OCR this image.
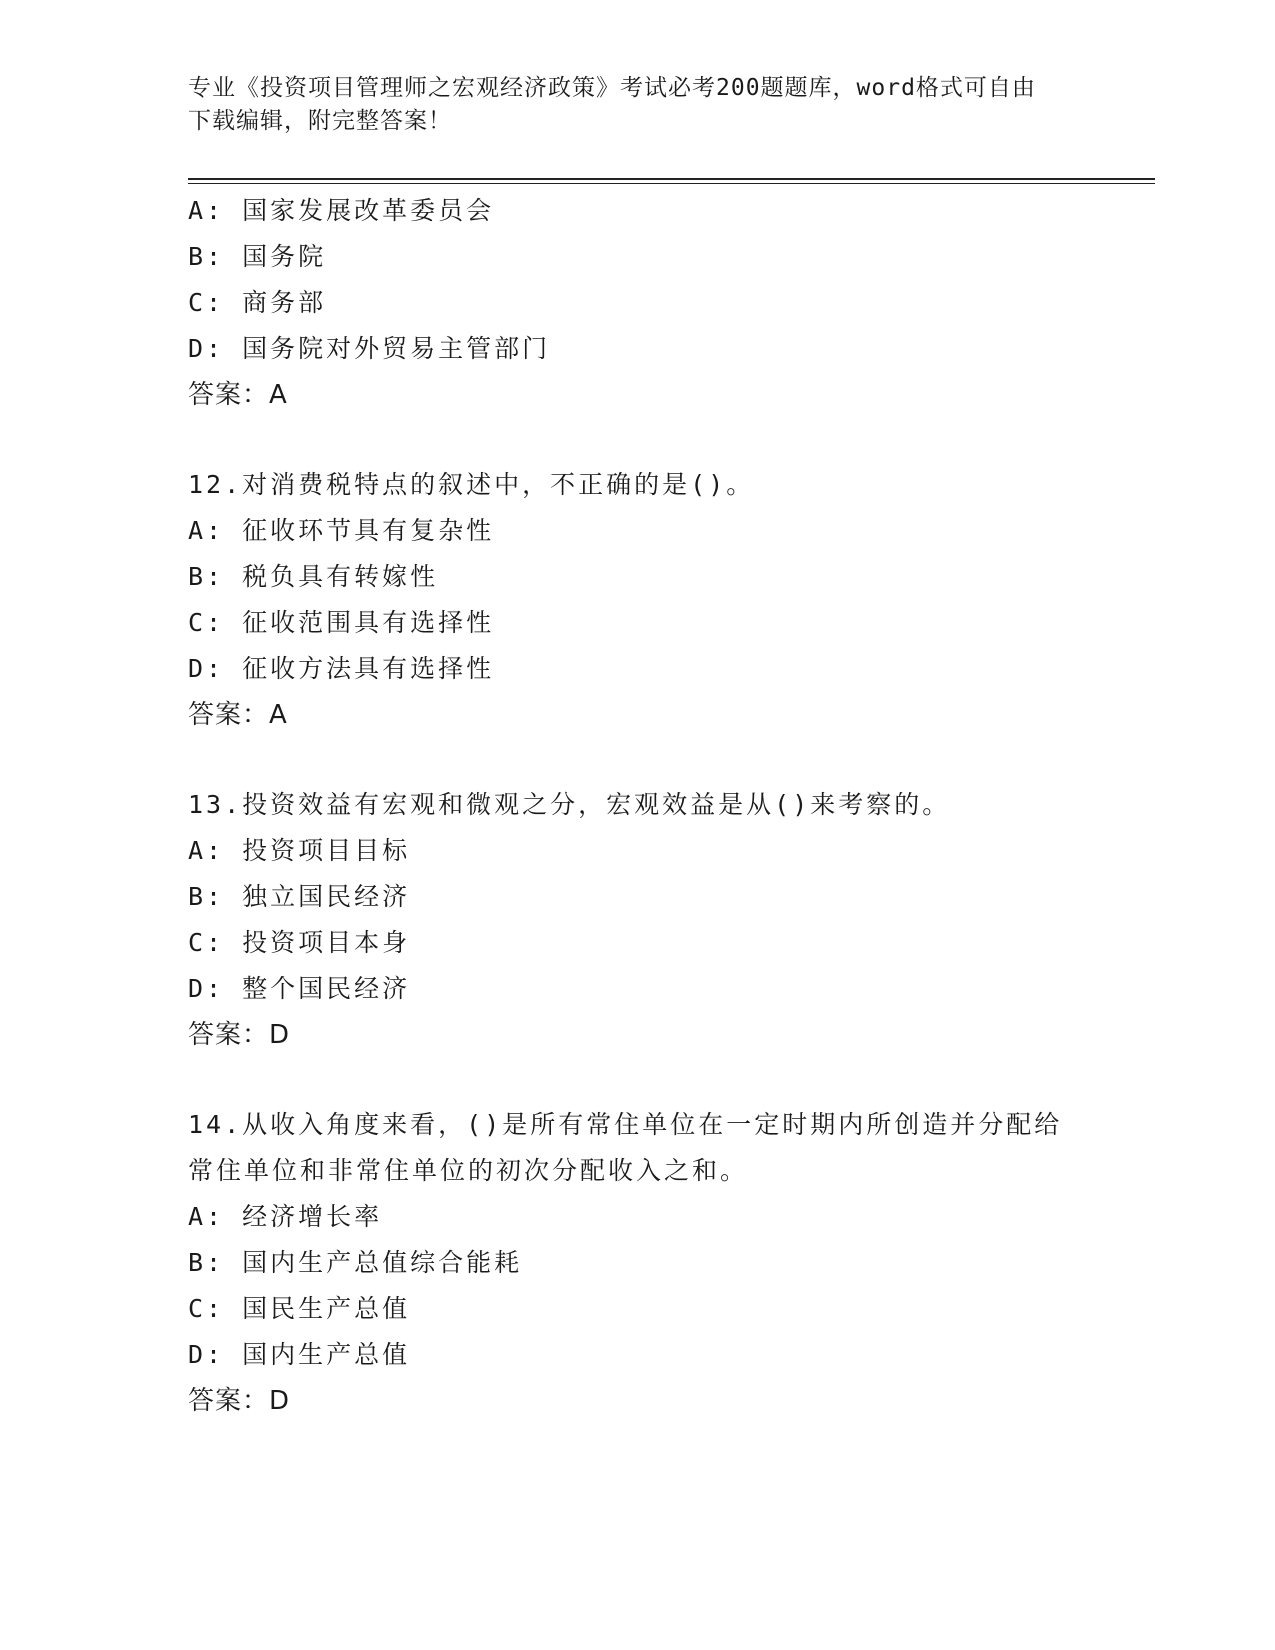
专业《投资项目管理师之宏观经济政策》考试必考200题题库，word格式可自由
下载编辑，附完整答案！
A: 国家发展改革委员会
B: 国务院
C: 商务部
D: 国务院对外贸易主管部门
答案：A
12.对消费税特点的叙述中，不正确的是()。
A: 征收环节具有复杂性
B: 税负具有转嫁性
C: 征收范围具有选择性
D: 征收方法具有选择性
答案：A
13.投资效益有宏观和微观之分，宏观效益是从()来考察的。
A: 投资项目目标
B: 独立国民经济
C: 投资项目本身
D: 整个国民经济
答案：D
14.从收入角度来看，()是所有常住单位在一定时期内所创造并分配给
常住单位和非常住单位的初次分配收入之和。
A: 经济增长率
B: 国内生产总值综合能耗
C: 国民生产总值
D: 国内生产总值
答案：D
